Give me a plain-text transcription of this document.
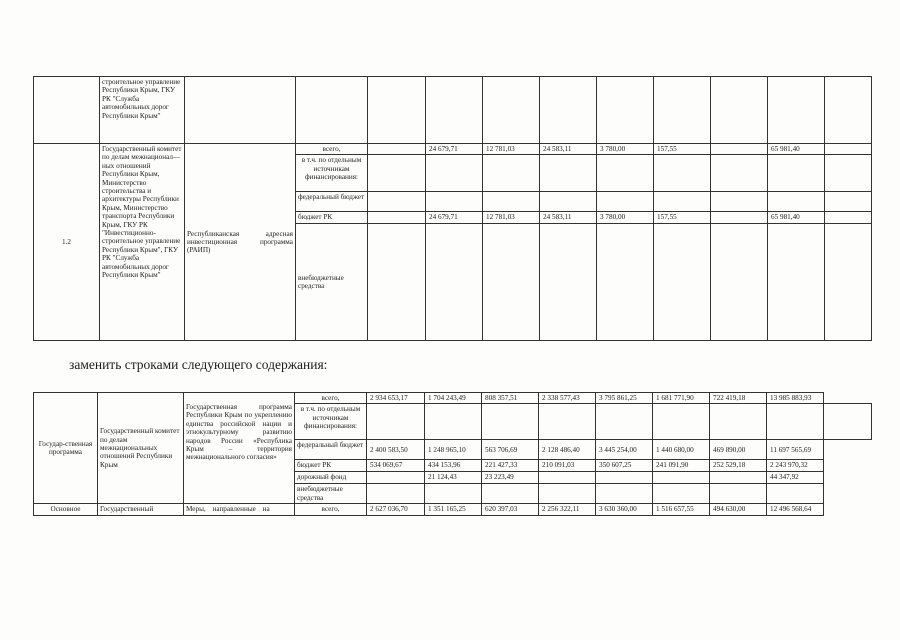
	строительное управление Республики Крым, ГКУ РК "Служба автомобильных дорог Республики Крым"											
1.2	Государственный комитет по делам межнационал—ных отношений Республики Крым, Министерство строительства и архитектуры Республики Крым, Министерство транспорта Республики Крым, ГКУ РК "Инвестиционно-строительное управление Республики Крым", ГКУ РК "Служба автомобильных дорог Республики Крым"	Республиканская адресная инвестиционная программа (РАИП)	всего,		24 679,71	12 781,03	24 583,11	3 780,00	157,55		65 981,40	
			в т.ч. по отдельным источникам финансирования:									
			федеральный бюджет									
			бюджет РК		24 679,71	12 781,03	24 583,11	3 780,00	157,55		65 981,40	
			внебюджетные средства									

заменить строками следующего содержания:

Государ-ственная программа	Государственный комитет по делам межнациональных отношений Республики Крым	Государственная программа Республики Крым по укреплению единства российской нации и этнокультурному развитию народов России «Республика Крым – территория межнационального согласия»	всего,	2 934 653,17	1 704 243,49	808 357,51	2 338 577,43	3 795 861,25	1 681 771,90	722 419,18	13 985 883,93	
			в т.ч. по отдельным источникам финансирования:									
			федеральный бюджет	2 400 583,50	1 248 965,10	563 706,69	2 128 486,40	3 445 254,00	1 440 680,00	469 890,00	11 697 565,69	
			бюджет РК	534 069,67	434 153,96	221 427,33	210 091,03	350 607,25	241 091,90	252 529,18	2 243 970,32	
			дорожный фонд		21 124,43	23 223,49					44 347,92	
			внебюджетные средства									
Основное	Государственный	Меры, направленные на	всего,	2 627 036,70	1 351 165,25	620 397,03	2 256 322,11	3 630 360,00	1 516 657,55	494 630,00	12 496 568,64	
